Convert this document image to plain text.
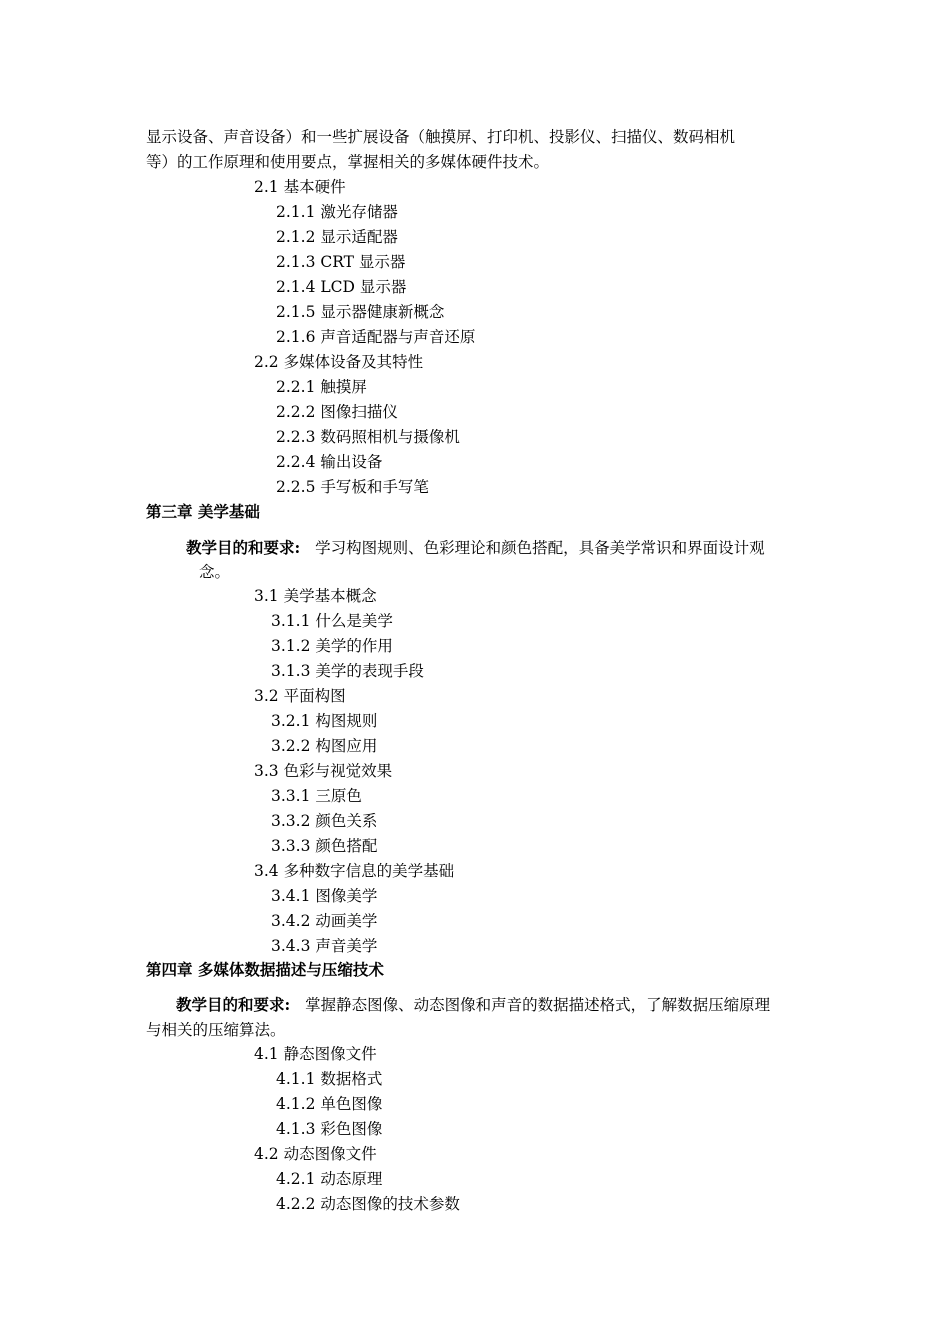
显示设备、声音设备）和一些扩展设备（触摸屏、打印机、投影仪、扫描仪、数码相机
等）的工作原理和使用要点，掌握相关的多媒体硬件技术。
2.1 基本硬件
2.1.1 激光存储器
2.1.2 显示适配器
2.1.3 CRT 显示器
2.1.4 LCD 显示器
2.1.5 显示器健康新概念
2.1.6 声音适配器与声音还原
2.2 多媒体设备及其特性
2.2.1 触摸屏
2.2.2 图像扫描仪
2.2.3 数码照相机与摄像机
2.2.4 输出设备
2.2.5 手写板和手写笔
第三章 美学基础
教学目的和要求: 学习构图规则、色彩理论和颜色搭配，具备美学常识和界面设计观
念。
3.1 美学基本概念
3.1.1 什么是美学
3.1.2 美学的作用
3.1.3 美学的表现手段
3.2 平面构图
3.2.1 构图规则
3.2.2 构图应用
3.3 色彩与视觉效果
3.3.1 三原色
3.3.2 颜色关系
3.3.3 颜色搭配
3.4 多种数字信息的美学基础
3.4.1 图像美学
3.4.2 动画美学
3.4.3 声音美学
第四章 多媒体数据描述与压缩技术
教学目的和要求: 掌握静态图像、动态图像和声音的数据描述格式，了解数据压缩原理
与相关的压缩算法。
4.1 静态图像文件
4.1.1 数据格式
4.1.2 单色图像
4.1.3 彩色图像
4.2 动态图像文件
4.2.1 动态原理
4.2.2 动态图像的技术参数
